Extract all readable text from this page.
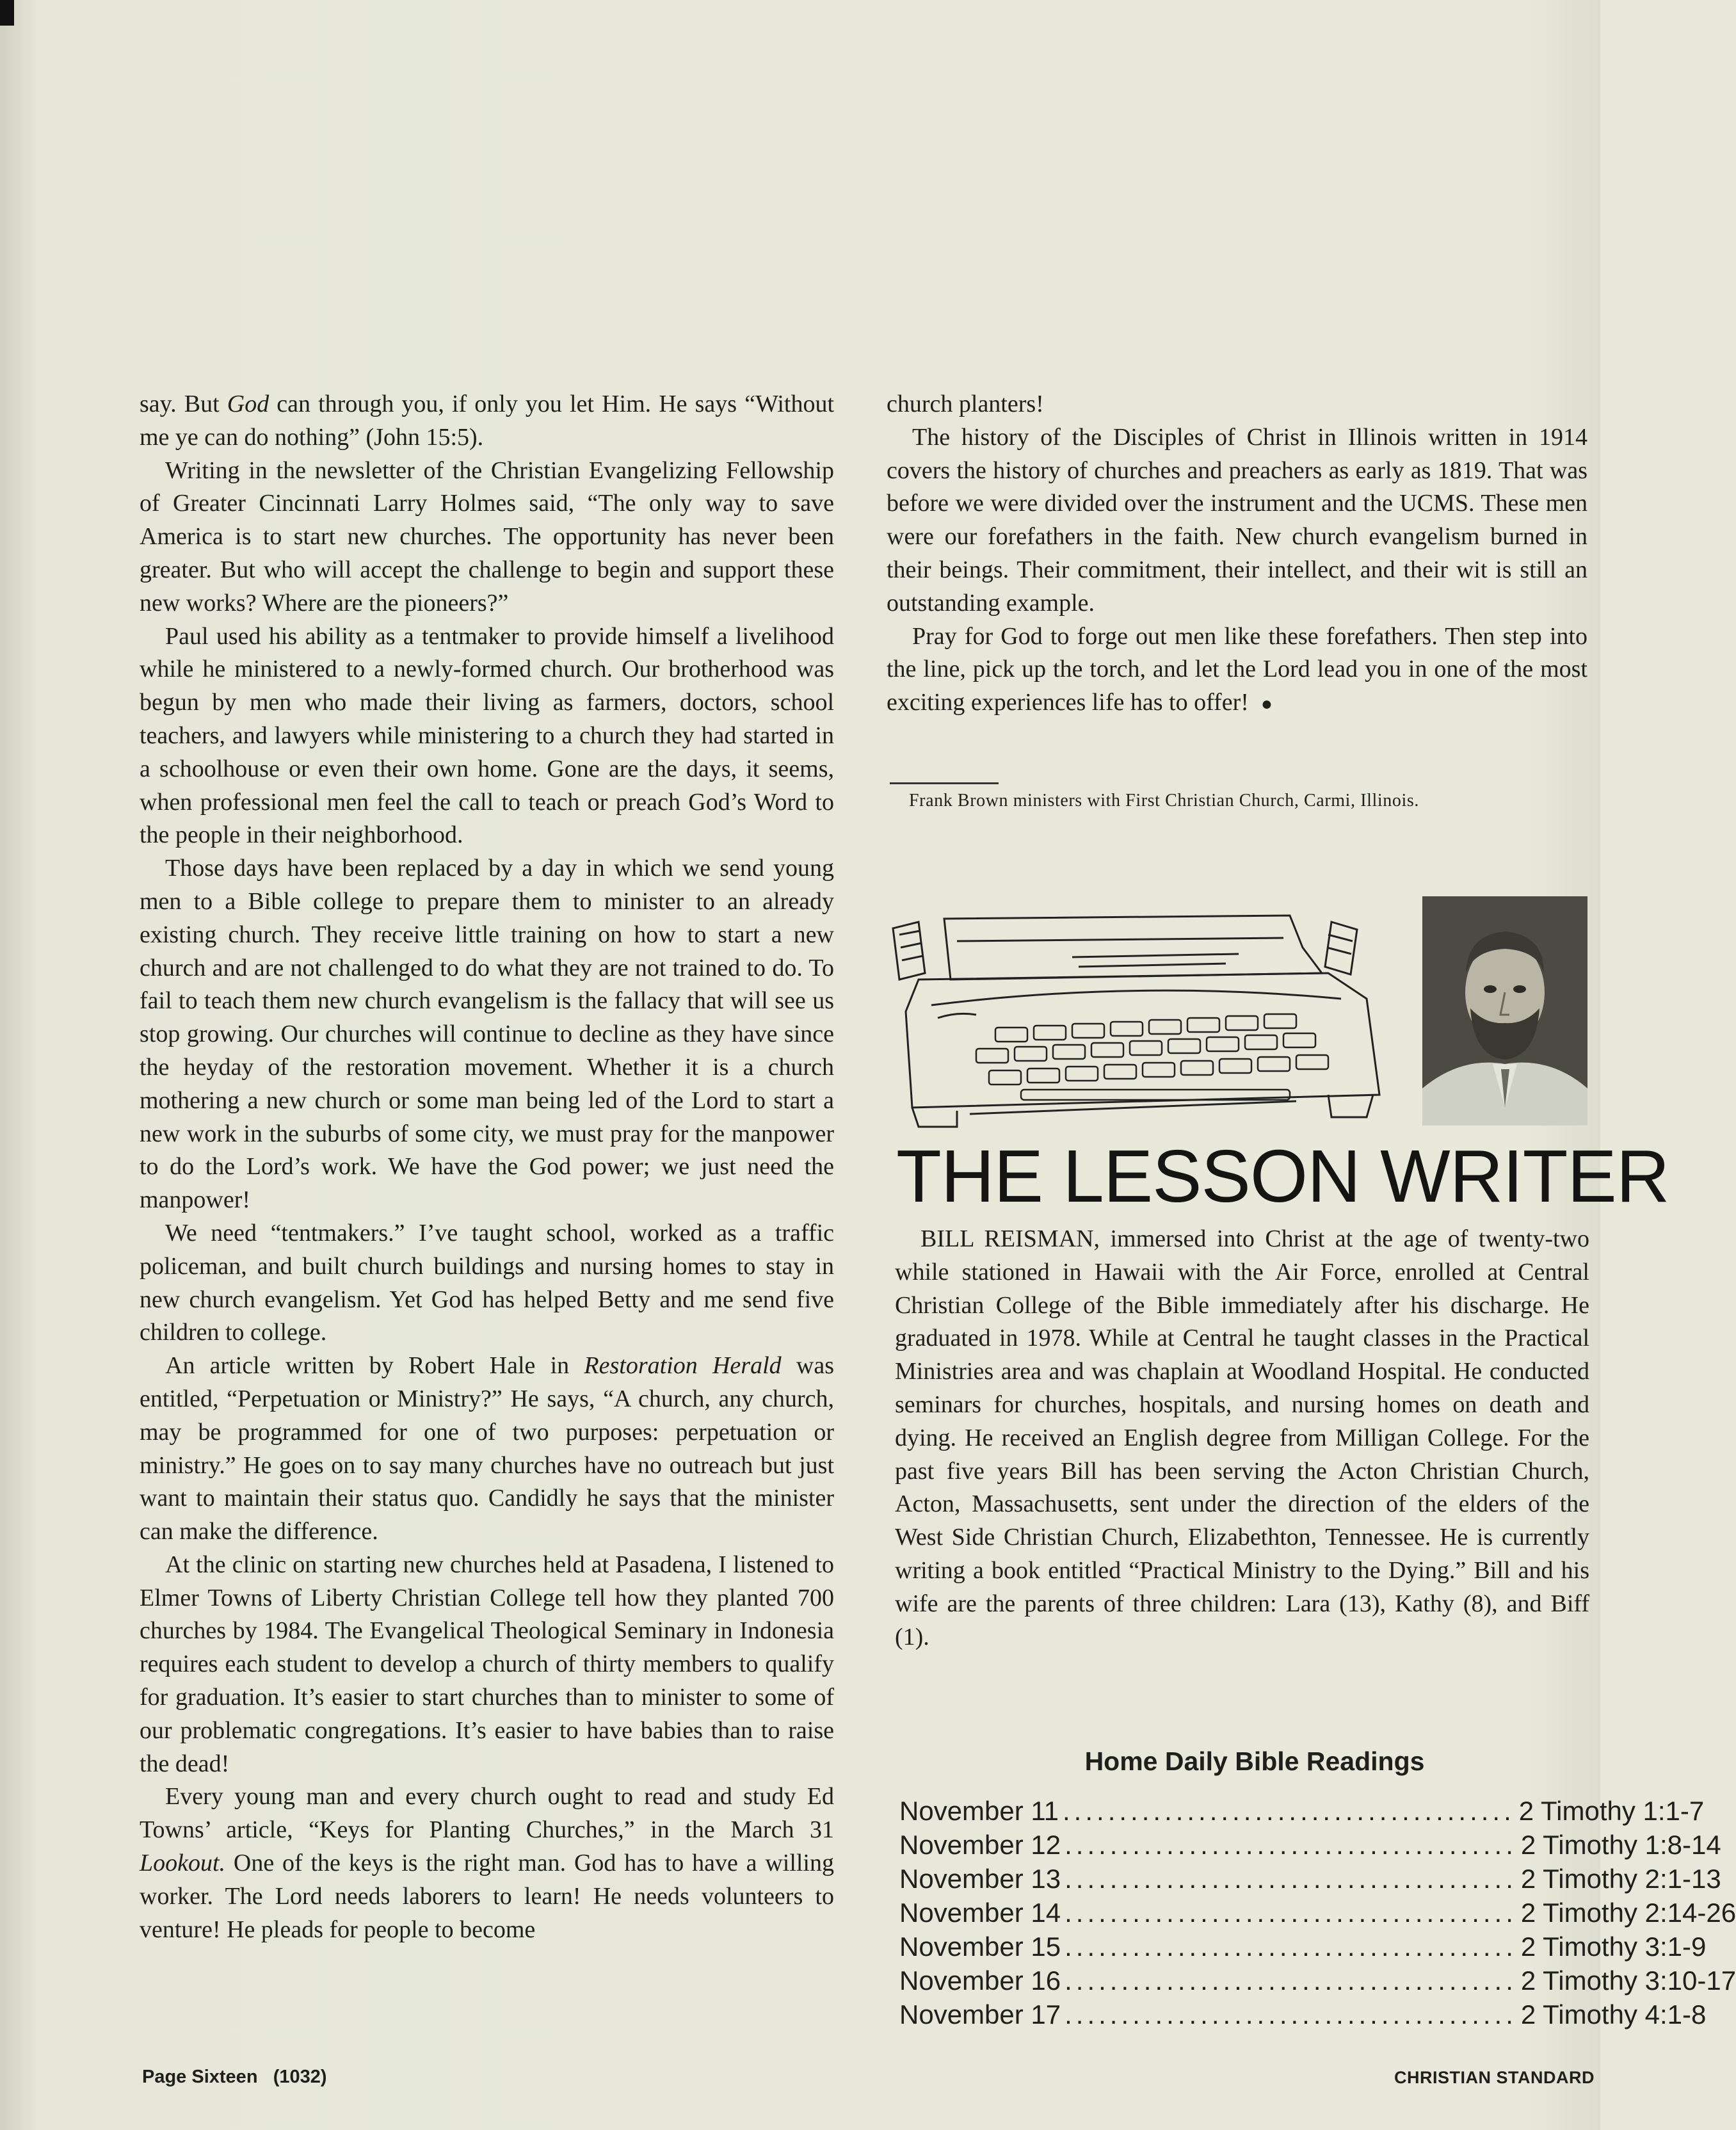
say. But God can through you, if only you let Him. He says “Without me ye can do nothing” (John 15:5).

Writing in the newsletter of the Christian Evangelizing Fellowship of Greater Cincinnati Larry Holmes said, “The only way to save America is to start new churches. The opportunity has never been greater. But who will accept the challenge to begin and support these new works? Where are the pioneers?”

Paul used his ability as a tentmaker to provide himself a livelihood while he ministered to a newly-formed church. Our brotherhood was begun by men who made their living as farmers, doctors, school teachers, and lawyers while ministering to a church they had started in a schoolhouse or even their own home. Gone are the days, it seems, when professional men feel the call to teach or preach God’s Word to the people in their neighborhood.

Those days have been replaced by a day in which we send young men to a Bible college to prepare them to minister to an already existing church. They receive little training on how to start a new church and are not challenged to do what they are not trained to do. To fail to teach them new church evangelism is the fallacy that will see us stop growing. Our churches will continue to decline as they have since the heyday of the restoration movement. Whether it is a church mothering a new church or some man being led of the Lord to start a new work in the suburbs of some city, we must pray for the manpower to do the Lord’s work. We have the God power; we just need the manpower!

We need “tentmakers.” I’ve taught school, worked as a traffic policeman, and built church buildings and nursing homes to stay in new church evangelism. Yet God has helped Betty and me send five children to college.

An article written by Robert Hale in Restoration Herald was entitled, “Perpetuation or Ministry?” He says, “A church, any church, may be programmed for one of two purposes: perpetuation or ministry.” He goes on to say many churches have no outreach but just want to maintain their status quo. Candidly he says that the minister can make the difference.

At the clinic on starting new churches held at Pasadena, I listened to Elmer Towns of Liberty Christian College tell how they planted 700 churches by 1984. The Evangelical Theological Seminary in Indonesia requires each student to develop a church of thirty members to qualify for graduation. It’s easier to start churches than to minister to some of our problematic congregations. It’s easier to have babies than to raise the dead!

Every young man and every church ought to read and study Ed Towns’ article, “Keys for Planting Churches,” in the March 31 Lookout. One of the keys is the right man. God has to have a willing worker. The Lord needs laborers to learn! He needs volunteers to venture! He pleads for people to become

church planters!

The history of the Disciples of Christ in Illinois written in 1914 covers the history of churches and preachers as early as 1819. That was before we were divided over the instrument and the UCMS. These men were our forefathers in the faith. New church evangelism burned in their beings. Their commitment, their intellect, and their wit is still an outstanding example.

Pray for God to forge out men like these forefathers. Then step into the line, pick up the torch, and let the Lord lead you in one of the most exciting experiences life has to offer! ●

Frank Brown ministers with First Christian Church, Carmi, Illinois.
THE LESSON WRITER

BILL REISMAN, immersed into Christ at the age of twenty-two while stationed in Hawaii with the Air Force, enrolled at Central Christian College of the Bible immediately after his discharge. He graduated in 1978. While at Central he taught classes in the Practical Ministries area and was chaplain at Woodland Hospital. He conducted seminars for churches, hospitals, and nursing homes on death and dying. He received an English degree from Milligan College. For the past five years Bill has been serving the Acton Christian Church, Acton, Massachusetts, sent under the direction of the elders of the West Side Christian Church, Elizabethton, Tennessee. He is currently writing a book entitled “Practical Ministry to the Dying.” Bill and his wife are the parents of three children: Lara (13), Kathy (8), and Biff (1).

Home Daily Bible Readings
November 11 ........................................ 2 Timothy 1:1-7
November 12 ........................................ 2 Timothy 1:8-14
November 13 ........................................ 2 Timothy 2:1-13
November 14 ........................................ 2 Timothy 2:14-26
November 15 ........................................ 2 Timothy 3:1-9
November 16 ........................................ 2 Timothy 3:10-17
November 17 ........................................ 2 Timothy 4:1-8
Page Sixteen   (1032)	CHRISTIAN STANDARD
